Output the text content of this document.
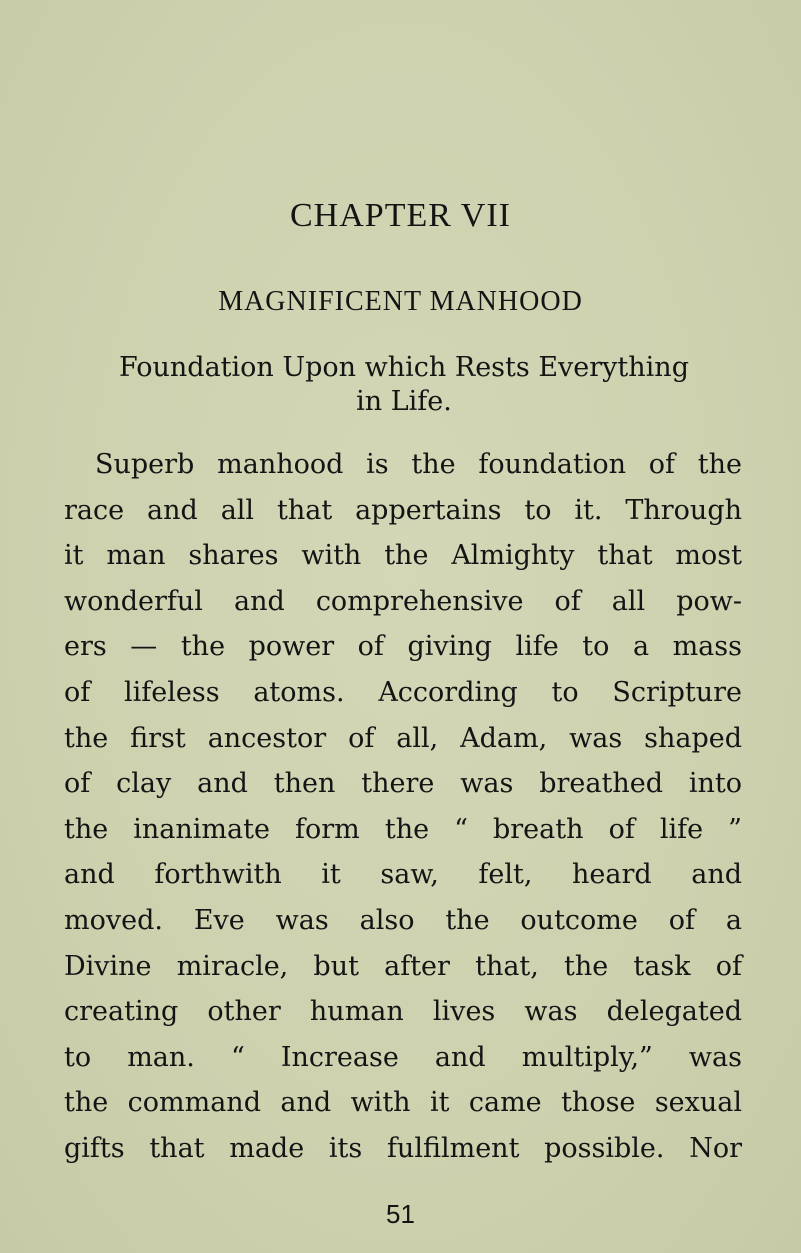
CHAPTER VII
MAGNIFICENT MANHOOD
Foundation Upon which Rests Everything
in Life.
Superb manhood is the foundation of the
race and all that appertains to it. Through
it man shares with the Almighty that most
wonderful and comprehensive of all pow-
ers — the power of giving life to a mass
of lifeless atoms. According to Scripture
the first ancestor of all, Adam, was shaped
of clay and then there was breathed into
the inanimate form the “ breath of life ”
and forthwith it saw, felt, heard and
moved. Eve was also the outcome of a
Divine miracle, but after that, the task of
creating other human lives was delegated
to man. “ Increase and multiply,” was
the command and with it came those sexual
gifts that made its fulfilment possible. Nor
51
